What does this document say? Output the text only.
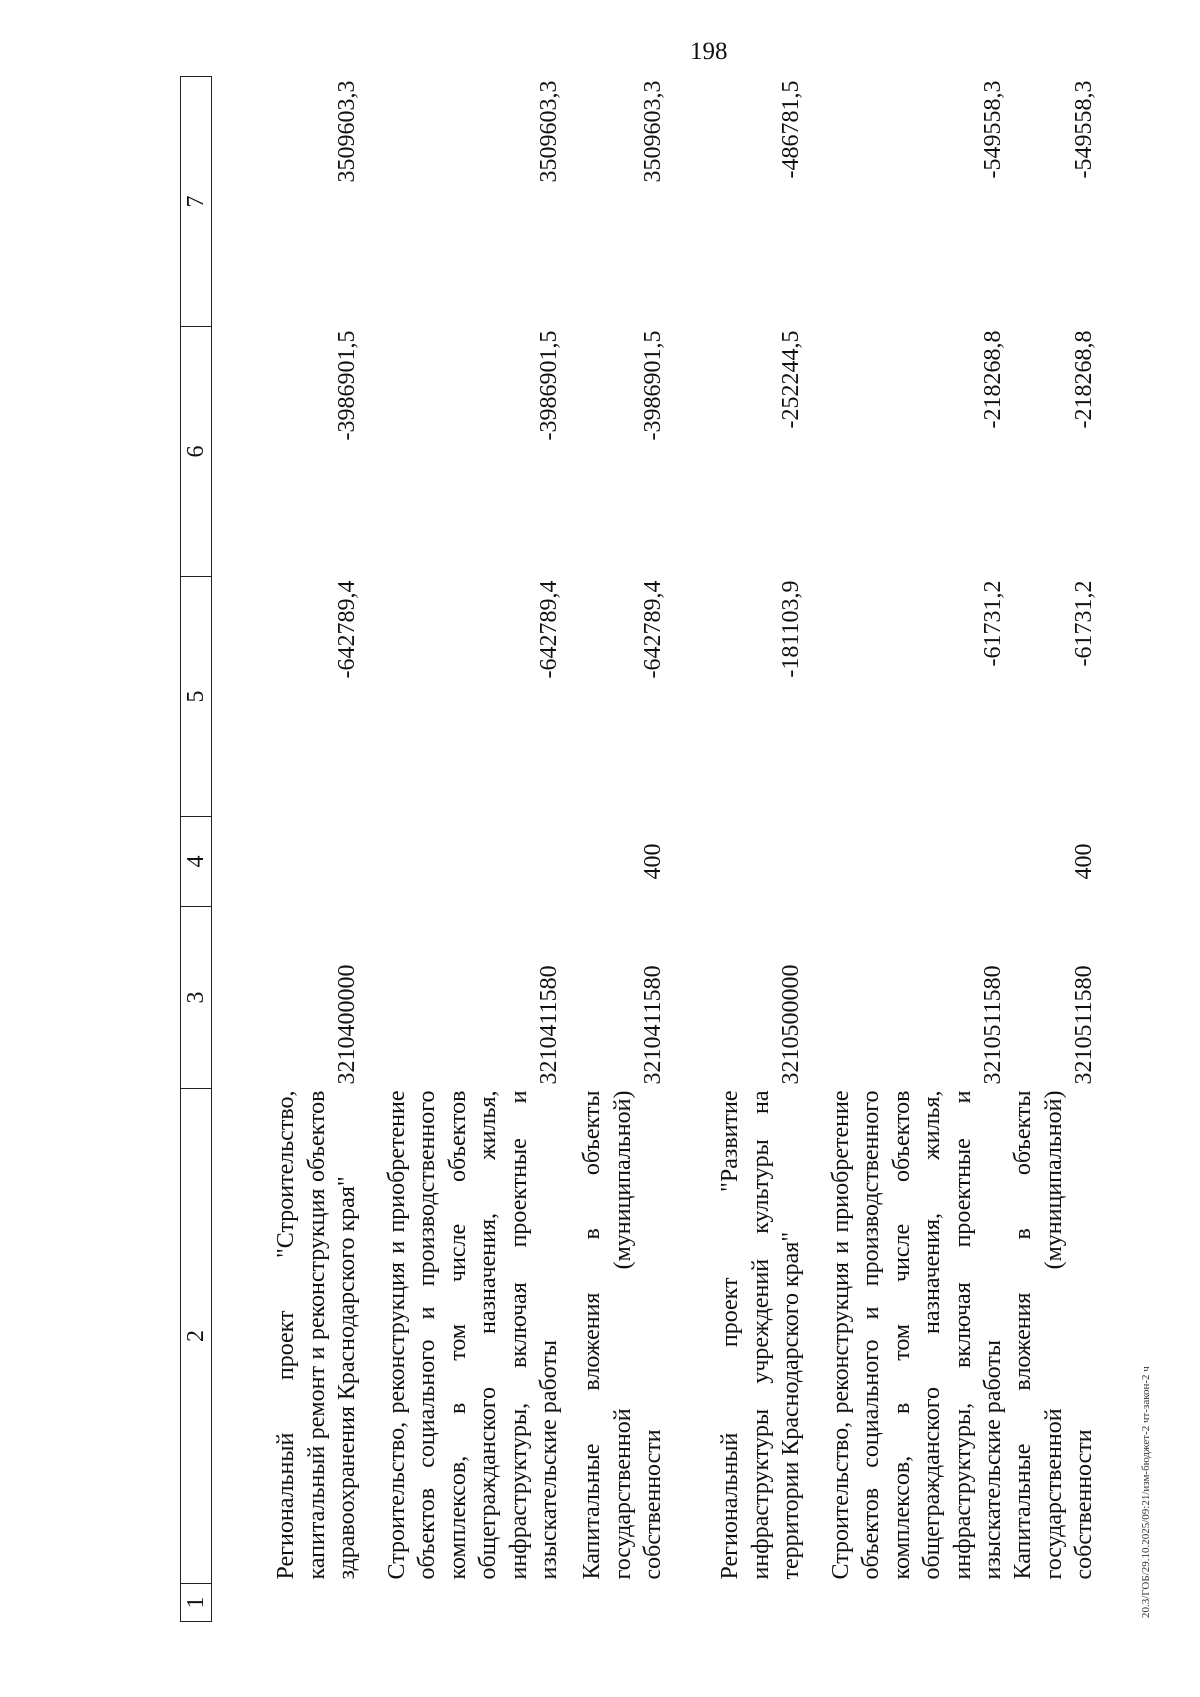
198
20.3/ГОБ/29.10.2025/09:21/изм-бюджет-2 чт-закон-2 ч
1	2	3	4	5	6	7
	Региональный проект "Строительство, капитальный ремонт и реконструкция объектов здравоохранения Краснодарского края"	3210400000		-642789,4	-3986901,5	3509603,3
	Строительство, реконструкция и приобретение объектов социального и производственного комплексов, в том числе объектов общегражданского назначения, жилья, инфраструктуры, включая проектные и изыскательские работы	3210411580		-642789,4	-3986901,5	3509603,3
	Капитальные вложения в объекты государственной (муниципальной) собственности	3210411580	400	-642789,4	-3986901,5	3509603,3
	Региональный проект "Развитие инфраструктуры учреждений культуры на территории Краснодарского края"	3210500000		-181103,9	-252244,5	-486781,5
	Строительство, реконструкция и приобретение объектов социального и производственного комплексов, в том числе объектов общегражданского назначения, жилья, инфраструктуры, включая проектные и изыскательские работы	3210511580		-61731,2	-218268,8	-549558,3
	Капитальные вложения в объекты государственной (муниципальной) собственности	3210511580	400	-61731,2	-218268,8	-549558,3
